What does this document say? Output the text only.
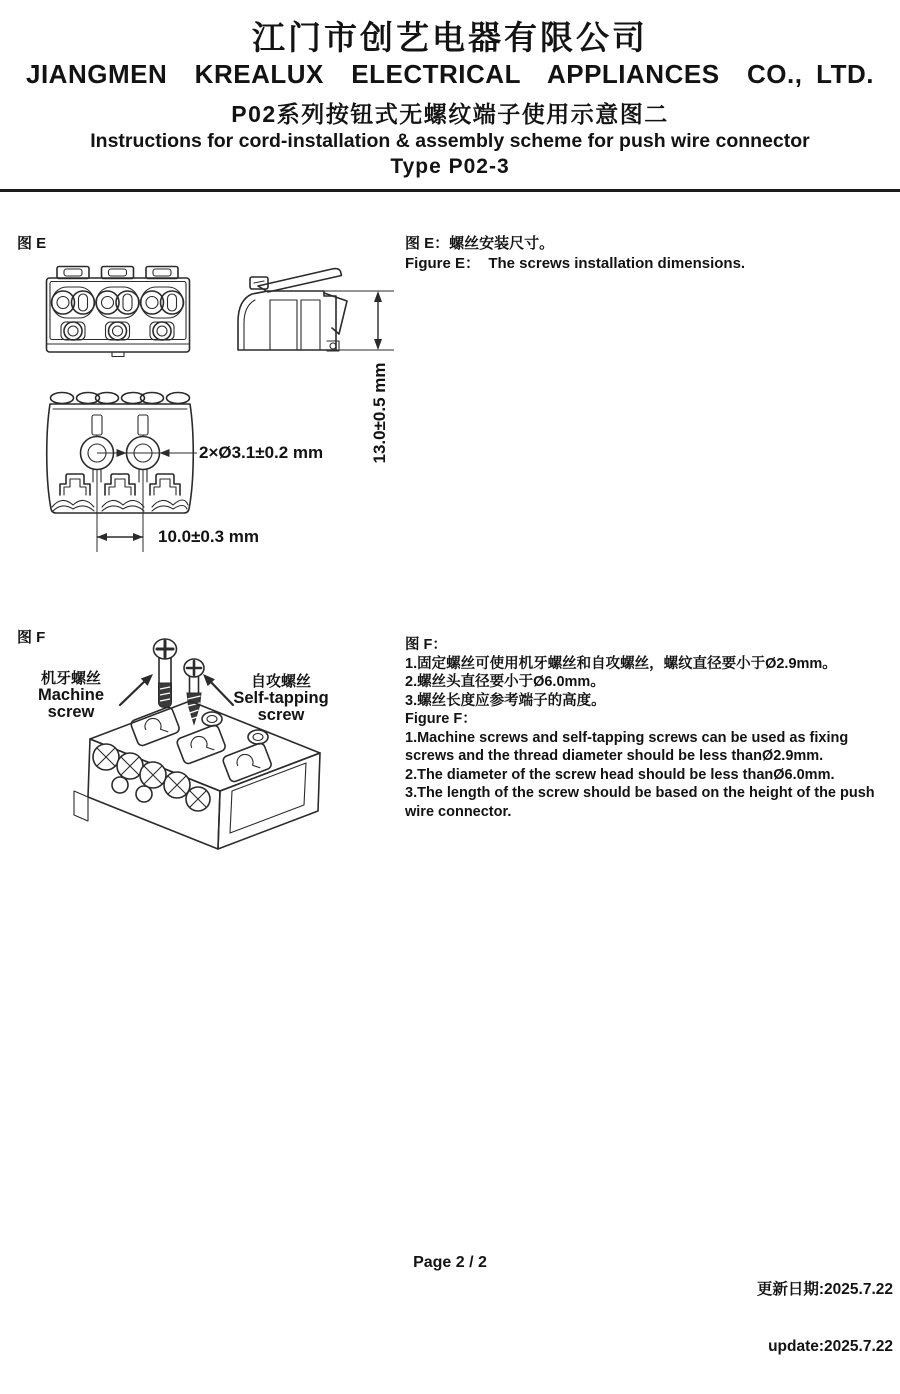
江门市创艺电器有限公司
JIANGMEN  KREALUX  ELECTRICAL  APPLIANCES  CO., LTD.
P02系列按钮式无螺纹端子使用示意图二
Instructions for cord-installation & assembly scheme for push wire connector
Type P02-3
图 E	图 E：螺丝安装尺寸。
Figure E：  The screws installation dimensions.
13.0±0.5 mm
2×Ø3.1±0.2 mm
10.0±0.3 mm
图 F
机牙螺丝
Machine screw
自攻螺丝
Self-tapping screw
图 F：
1.固定螺丝可使用机牙螺丝和自攻螺丝，螺纹直径要小于Ø2.9mm。
2.螺丝头直径要小于Ø6.0mm。
3.螺丝长度应参考端子的高度。
Figure F：
1.Machine screws and self-tapping screws can be used as fixing screws and the thread diameter should be less thanØ2.9mm.
2.The diameter of the screw head should be less thanØ6.0mm.
3.The length of the screw should be based on the height of the push wire connector.
Page 2 / 2

更新日期:2025.7.22

update:2025.7.22
